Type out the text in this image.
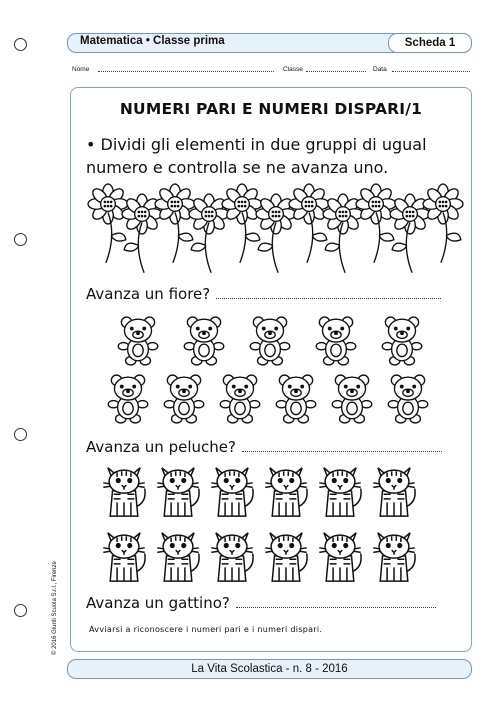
Matematica • Classe prima	Scheda 1
Nome	Classe	Data
NUMERI PARI E NUMERI DISPARI/1
• Dividi gli elementi in due gruppi di ugual numero e controlla se ne avanza uno.
Avanza un fiore?
Avanza un peluche?
Avanza un gattino?
Avviarsi a riconoscere i numeri pari e i numeri dispari.
© 2016 Giunti Scuola S.r.l., Firenze
La Vita Scolastica - n. 8 - 2016
